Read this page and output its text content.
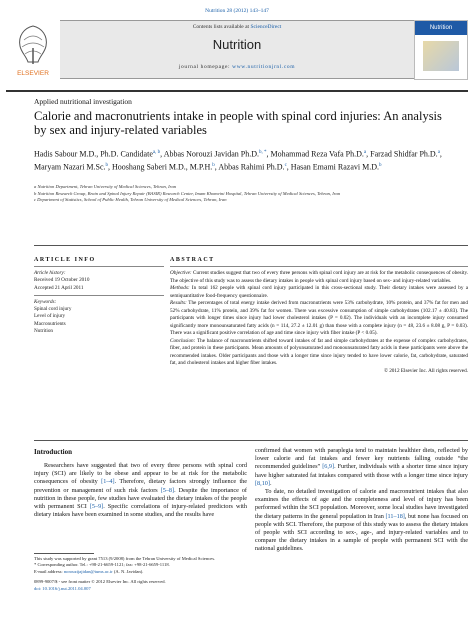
Nutrition 28 (2012) 143–147
Contents lists available at ScienceDirect
Nutrition
journal homepage: www.nutritionjrnl.com
ELSEVIER
Nutrition
Applied nutritional investigation
Calorie and macronutrients intake in people with spinal cord injuries: An analysis by sex and injury-related variables
Hadis Sabour M.D., Ph.D. Candidate$^{a, b}$, Abbas Norouzi Javidan Ph.D.$^{b, *}$, Mohammad Reza Vafa Ph.D.$^a$, Farzad Shidfar Ph.D.$^a$, Maryam Nazari M.Sc.$^b$, Hooshang Saberi M.D., M.P.H.$^b$, Abbas Rahimi Ph.D.$^c$, Hasan Emami Razavi M.D.$^b$
a Nutrition Department, Tehran University of Medical Sciences, Tehran, Iran
b Nutrition Research Group, Brain and Spinal Injury Repair (BASIR) Research Center, Imam Khomeini Hospital, Tehran University of Medical Sciences, Tehran, Iran
c Department of Statistics, School of Public Health, Tehran University of Medical Sciences, Tehran, Iran
ARTICLE INFO	ABSTRACT
Article history:
Received 19 October 2010
Accepted 21 April 2011
Keywords:
Spinal cord injury
Level of injury
Macronutrients
Nutrition
Objective: Current studies suggest that two of every three persons with spinal cord injury are at risk for the metabolic consequences of obesity. The objective of this study was to assess the dietary intakes in people with spinal cord injury based on sex- and injury-related variables.
Methods: In total 162 people with spinal cord injury participated in this cross-sectional study. Their dietary intakes were assessed by a semiquantitative food-frequency questionnaire.
Results: The percentages of total energy intake derived from macronutrients were 53% carbohydrate, 10% protein, and 37% fat for men and 52% carbohydrate, 11% protein, and 39% fat for women. There was excessive consumption of simple carbohydrates (102.17 ± 40.83). The participants with longer times since injury had lower cholesterol intakes (P = 0.02). The individuals with an incomplete injury consumed significantly more monounsaturated fatty acids (n = 114, 27.2 ± 12.01 g) than those with a complete injury (n = 48, 23.6 ± 8.08 g, P = 0.03). There was a significant positive correlation of age and time since injury with fiber intake (P < 0.05).
Conclusion: The balance of macronutrients shifted toward intakes of fat and simple carbohydrates at the expense of complex carbohydrates, fiber, and protein in these participants. Mean amounts of polyunsaturated and monounsaturated fatty acids in these participants were above the recommended intakes. Older participants and those with a longer time since injury tended to have lower calorie, fat, carbohydrate, saturated fat, and cholesterol intakes and higher fiber intakes.
© 2012 Elsevier Inc. All rights reserved.
Introduction
Researchers have suggested that two of every three persons with spinal cord injury (SCI) are likely to be obese and appear to be at risk for the metabolic consequences of obesity [1–4]. Therefore, dietary factors strongly influence the prevention or management of such risk factors [5–8]. Despite the importance of nutrition in these people, few studies have evaluated the dietary intakes of the people with permanent SCI [5–9]. Specific correlations of injury-related predictors with dietary intakes have been examined in some studies, and the results have

confirmed that women with paraplegia tend to maintain healthier diets, reflected by lower calorie and fat intakes and fewer key nutrients falling outside “the recommended guidelines” [6,9]. Further, individuals with a shorter time since injury have higher saturated fat intakes compared with those with a longer time since injury [8,10].

To date, no detailed investigation of calorie and macronutrient intakes that also examines the effects of age and the completeness and level of injury has been performed within the SCI population. Moreover, some local studies have investigated the dietary patterns in the general population in Iran [11–18], but none has focused on people with SCI. Therefore, the purpose of this study was to assess the dietary intakes of people with SCI according to sex-, age-, and injury-related variables and to compare the dietary intakes in a sample of people with permanent SCI with the national guidelines.

This study was supported by grant 7513 (9/2008) from the Tehran University of Medical Sciences.
* Corresponding author. Tel.: +98-21-6659-1121; fax: +98-21-6659-1118.
E-mail address: norouzijajidan@tums.ac.ir (A. N. Javidan).
0899-9007/$ - see front matter © 2012 Elsevier Inc. All rights reserved.
doi: 10.1016/j.nut.2011.04.007
